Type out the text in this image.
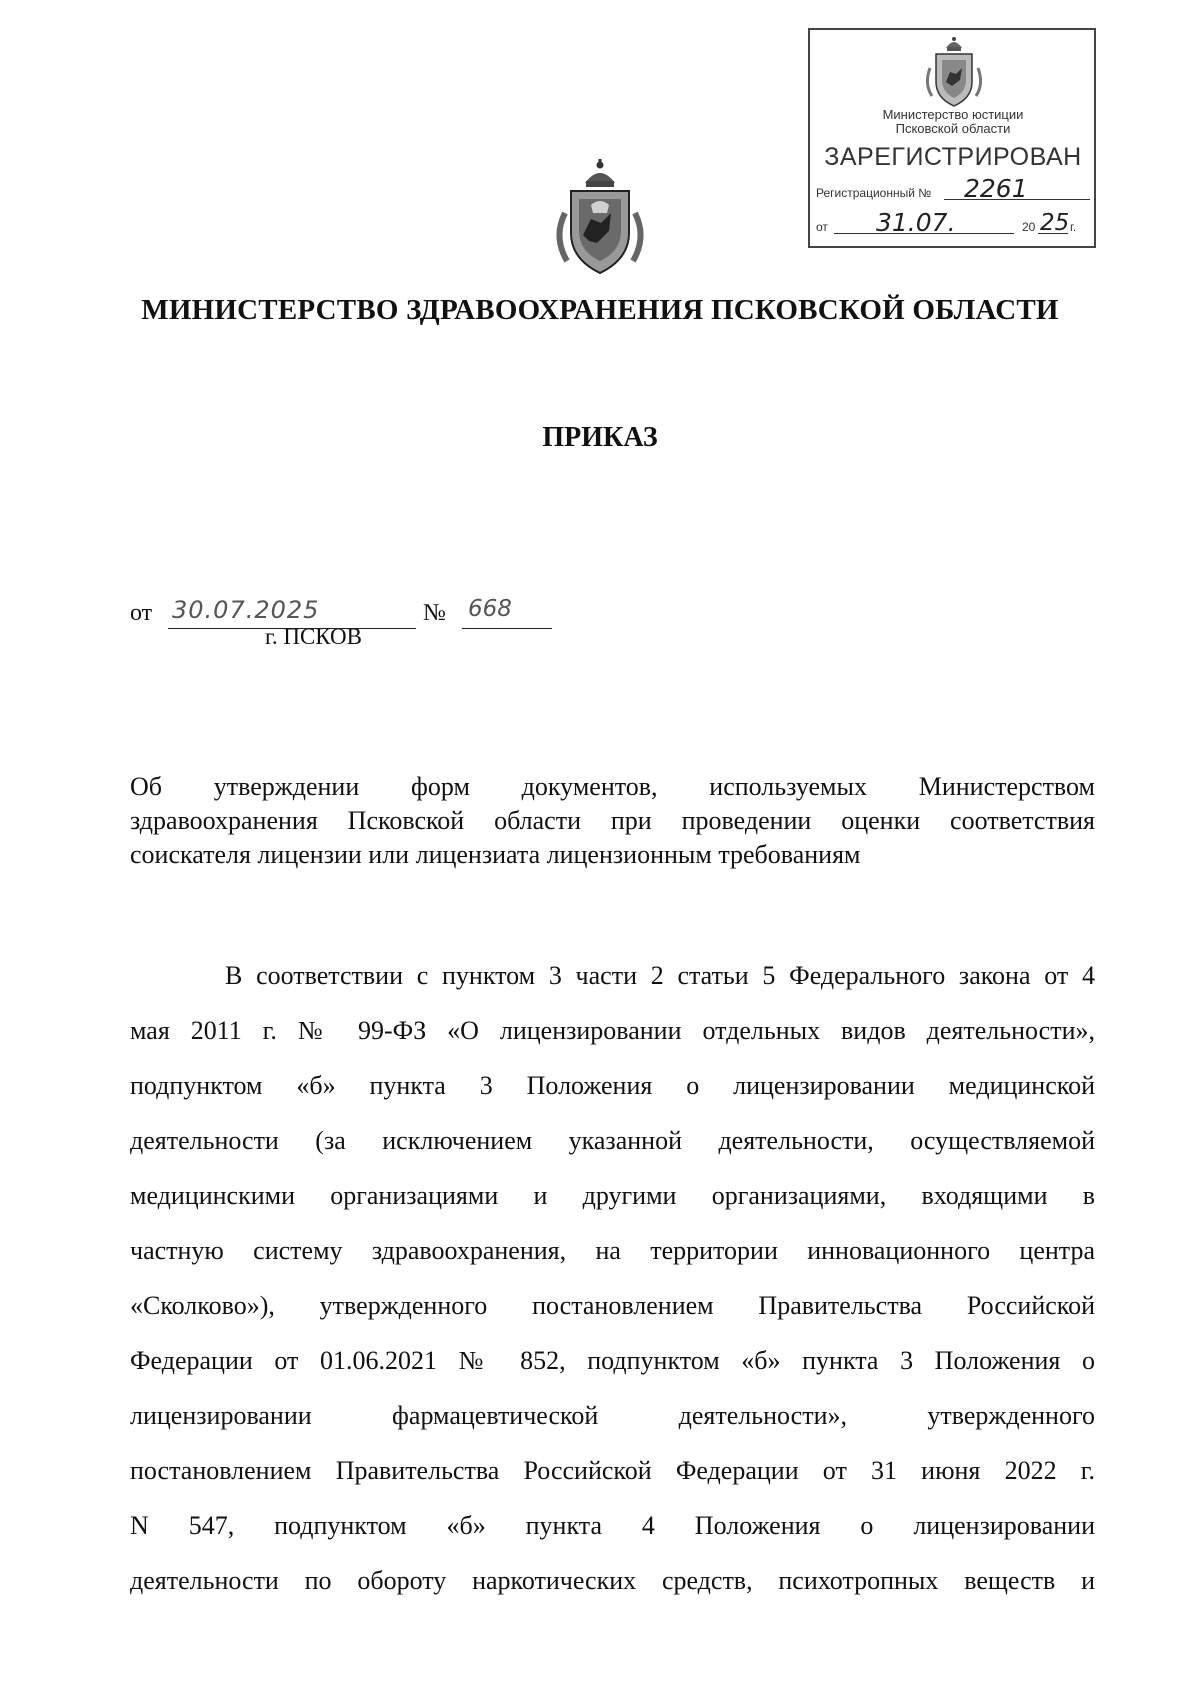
Министерство юстиции
Псковской области
ЗАРЕГИСТРИРОВАН
Регистрационный № 2261
от 31.07.	20 25 г.
МИНИСТЕРСТВО ЗДРАВООХРАНЕНИЯ ПСКОВСКОЙ ОБЛАСТИ
ПРИКАЗ
от 30.07.2025	№ 668
г. ПСКОВ
Об утверждении форм документов, используемых Министерством
здравоохранения Псковской области при проведении оценки соответствия
соискателя лицензии или лицензиата лицензионным требованиям
В соответствии с пунктом 3 части 2 статьи 5 Федерального закона от 4
мая 2011 г. № 99-ФЗ «О лицензировании отдельных видов деятельности»,
подпунктом «б» пункта 3 Положения о лицензировании медицинской
деятельности (за исключением указанной деятельности, осуществляемой
медицинскими организациями и другими организациями, входящими в
частную систему здравоохранения, на территории инновационного центра
«Сколково»), утвержденного постановлением Правительства Российской
Федерации от 01.06.2021 № 852, подпунктом «б» пункта 3 Положения о
лицензировании фармацевтической деятельности», утвержденного
постановлением Правительства Российской Федерации от 31 июня 2022 г.
N 547, подпунктом «б» пункта 4 Положения о лицензировании
деятельности по обороту наркотических средств, психотропных веществ и
